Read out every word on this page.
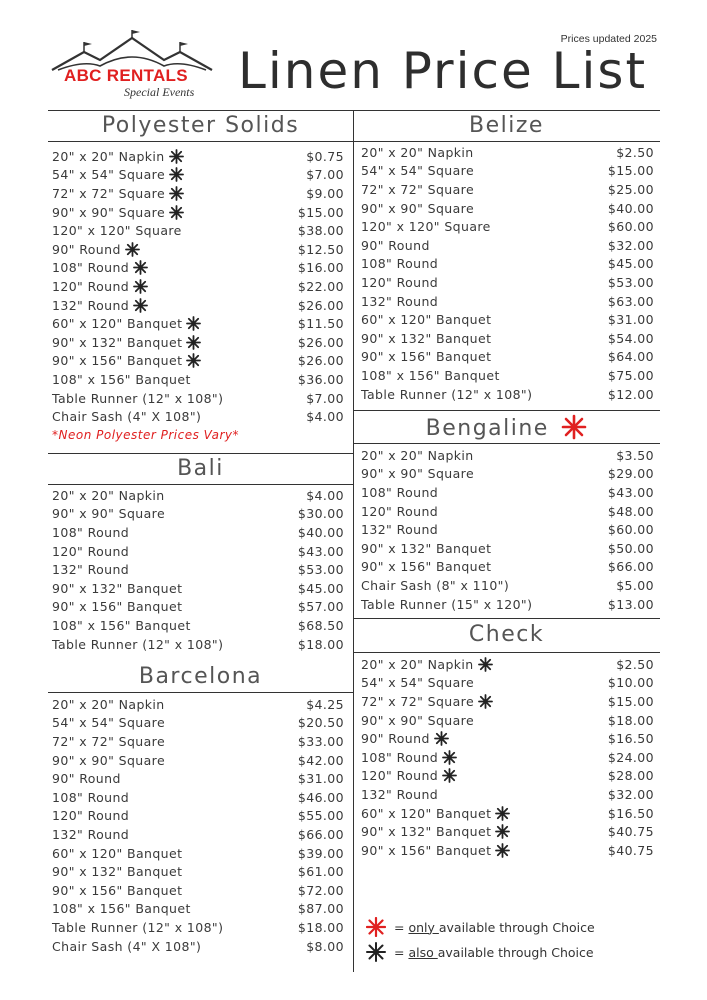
ABC RENTALS
Special Events
Prices updated 2025
Linen Price List
Polyester Solids	Belize
Bali
Barcelona
Bengaline
Check
20" x 20" Napkin	$0.75
54" x 54" Square	$7.00
72" x 72" Square	$9.00
90" x 90" Square	$15.00
120" x 120" Square	$38.00
90" Round	$12.50
108" Round	$16.00
120" Round	$22.00
132" Round	$26.00
60" x 120" Banquet	$11.50
90" x 132" Banquet	$26.00
90" x 156" Banquet	$26.00
108" x 156" Banquet	$36.00
Table Runner (12" x 108")	$7.00
Chair Sash (4" X 108")	$4.00
*Neon Polyester Prices Vary*
20" x 20" Napkin	$2.50
54" x 54" Square	$15.00
72" x 72" Square	$25.00
90" x 90" Square	$40.00
120" x 120" Square	$60.00
90" Round	$32.00
108" Round	$45.00
120" Round	$53.00
132" Round	$63.00
60" x 120" Banquet	$31.00
90" x 132" Banquet	$54.00
90" x 156" Banquet	$64.00
108" x 156" Banquet	$75.00
Table Runner (12" x 108")	$12.00
20" x 20" Napkin	$4.00
90" x 90" Square	$30.00
108" Round	$40.00
120" Round	$43.00
132" Round	$53.00
90" x 132" Banquet	$45.00
90" x 156" Banquet	$57.00
108" x 156" Banquet	$68.50
Table Runner (12" x 108")	$18.00
20" x 20" Napkin	$4.25
54" x 54" Square	$20.50
72" x 72" Square	$33.00
90" x 90" Square	$42.00
90" Round	$31.00
108" Round	$46.00
120" Round	$55.00
132" Round	$66.00
60" x 120" Banquet	$39.00
90" x 132" Banquet	$61.00
90" x 156" Banquet	$72.00
108" x 156" Banquet	$87.00
Table Runner (12" x 108")	$18.00
Chair Sash (4" X 108")	$8.00
20" x 20" Napkin	$3.50
90" x 90" Square	$29.00
108" Round	$43.00
120" Round	$48.00
132" Round	$60.00
90" x 132" Banquet	$50.00
90" x 156" Banquet	$66.00
Chair Sash (8" x 110")	$5.00
Table Runner (15" x 120")	$13.00
20" x 20" Napkin	$2.50
54" x 54" Square	$10.00
72" x 72" Square	$15.00
90" x 90" Square	$18.00
90" Round	$16.50
108" Round	$24.00
120" Round	$28.00
132" Round	$32.00
60" x 120" Banquet	$16.50
90" x 132" Banquet	$40.75
90" x 156" Banquet	$40.75
= only available through Choice
= also available through Choice
